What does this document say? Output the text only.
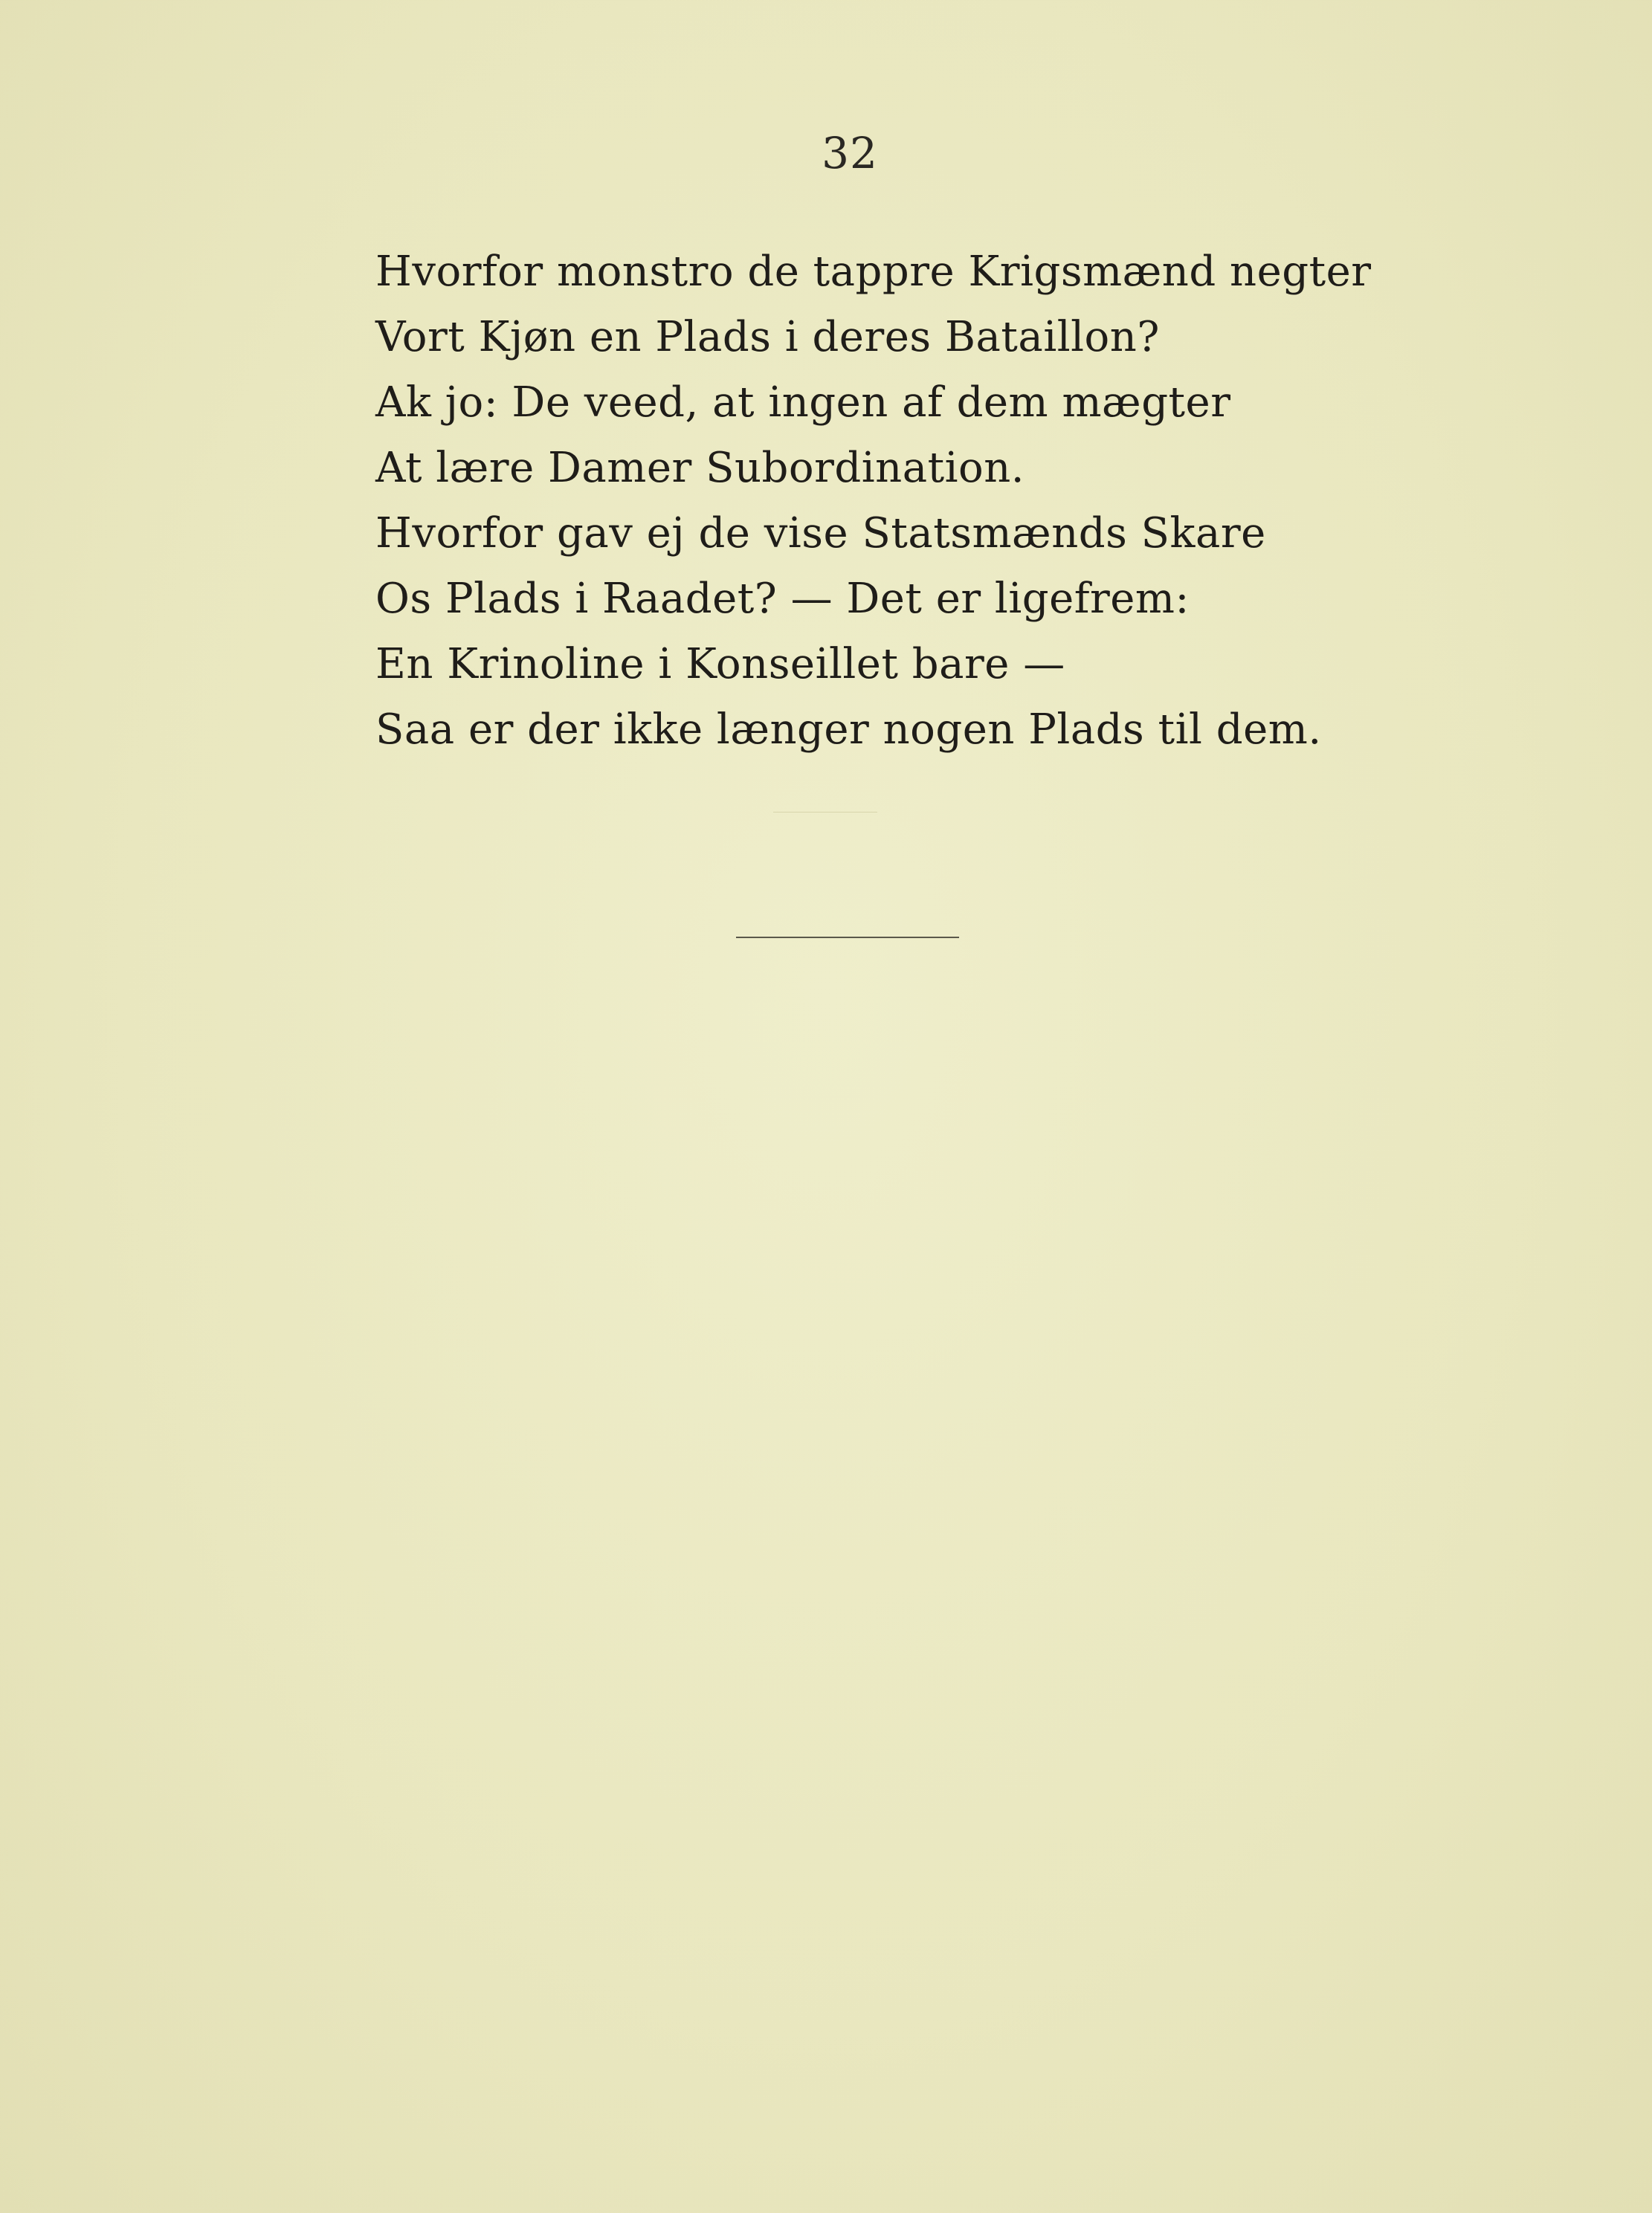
32
Hvorfor monstro de tappre Krigsmænd negter
Vort Kjøn en Plads i deres Bataillon?
Ak jo: De veed, at ingen af dem mægter
At lære Damer Subordination.
Hvorfor gav ej de vise Statsmænds Skare
Os Plads i Raadet? — Det er ligefrem:
En Krinoline i Konseillet bare —
Saa er der ikke længer nogen Plads til dem.
